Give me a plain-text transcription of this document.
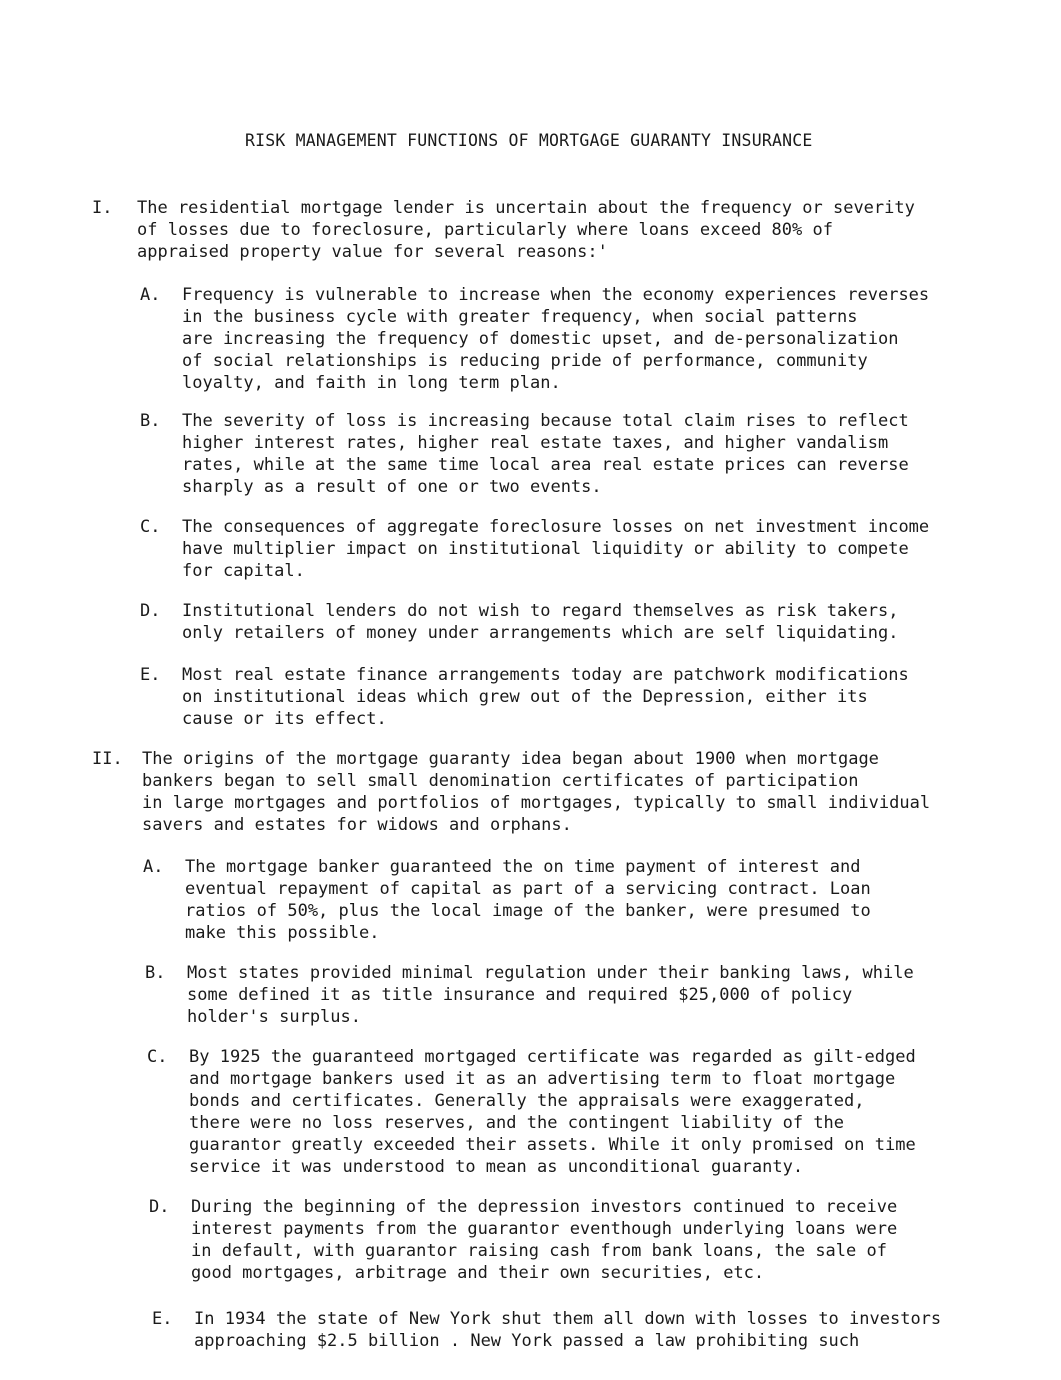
RISK MANAGEMENT FUNCTIONS OF MORTGAGE GUARANTY INSURANCE
I. The residential mortgage lender is uncertain about the frequency or severity
of losses due to foreclosure, particularly where loans exceed 80% of
appraised property value for several reasons:'
A. Frequency is vulnerable to increase when the economy experiences reverses
in the business cycle with greater frequency, when social patterns
are increasing the frequency of domestic upset, and de-personalization
of social relationships is reducing pride of performance, community
loyalty, and faith in long term plan.
B. The severity of loss is increasing because total claim rises to reflect
higher interest rates, higher real estate taxes, and higher vandalism
rates, while at the same time local area real estate prices can reverse
sharply as a result of one or two events.
C. The consequences of aggregate foreclosure losses on net investment income
have multiplier impact on institutional liquidity or ability to compete
for capital.
D. Institutional lenders do not wish to regard themselves as risk takers,
only retailers of money under arrangements which are self liquidating.
E. Most real estate finance arrangements today are patchwork modifications
on institutional ideas which grew out of the Depression, either its
cause or its effect.
II. The origins of the mortgage guaranty idea began about 1900 when mortgage
bankers began to sell small denomination certificates of participation
in large mortgages and portfolios of mortgages, typically to small individual
savers and estates for widows and orphans.
A. The mortgage banker guaranteed the on time payment of interest and
eventual repayment of capital as part of a servicing contract. Loan
ratios of 50%, plus the local image of the banker, were presumed to
make this possible.
B. Most states provided minimal regulation under their banking laws, while
some defined it as title insurance and required $25,000 of policy
holder's surplus.
C. By 1925 the guaranteed mortgaged certificate was regarded as gilt-edged
and mortgage bankers used it as an advertising term to float mortgage
bonds and certificates. Generally the appraisals were exaggerated,
there were no loss reserves, and the contingent liability of the
guarantor greatly exceeded their assets. While it only promised on time
service it was understood to mean as unconditional guaranty.
D. During the beginning of the depression investors continued to receive
interest payments from the guarantor eventhough underlying loans were
in default, with guarantor raising cash from bank loans, the sale of
good mortgages, arbitrage and their own securities, etc.
E. In 1934 the state of New York shut them all down with losses to investors
approaching $2.5 billion . New York passed a law prohibiting such
